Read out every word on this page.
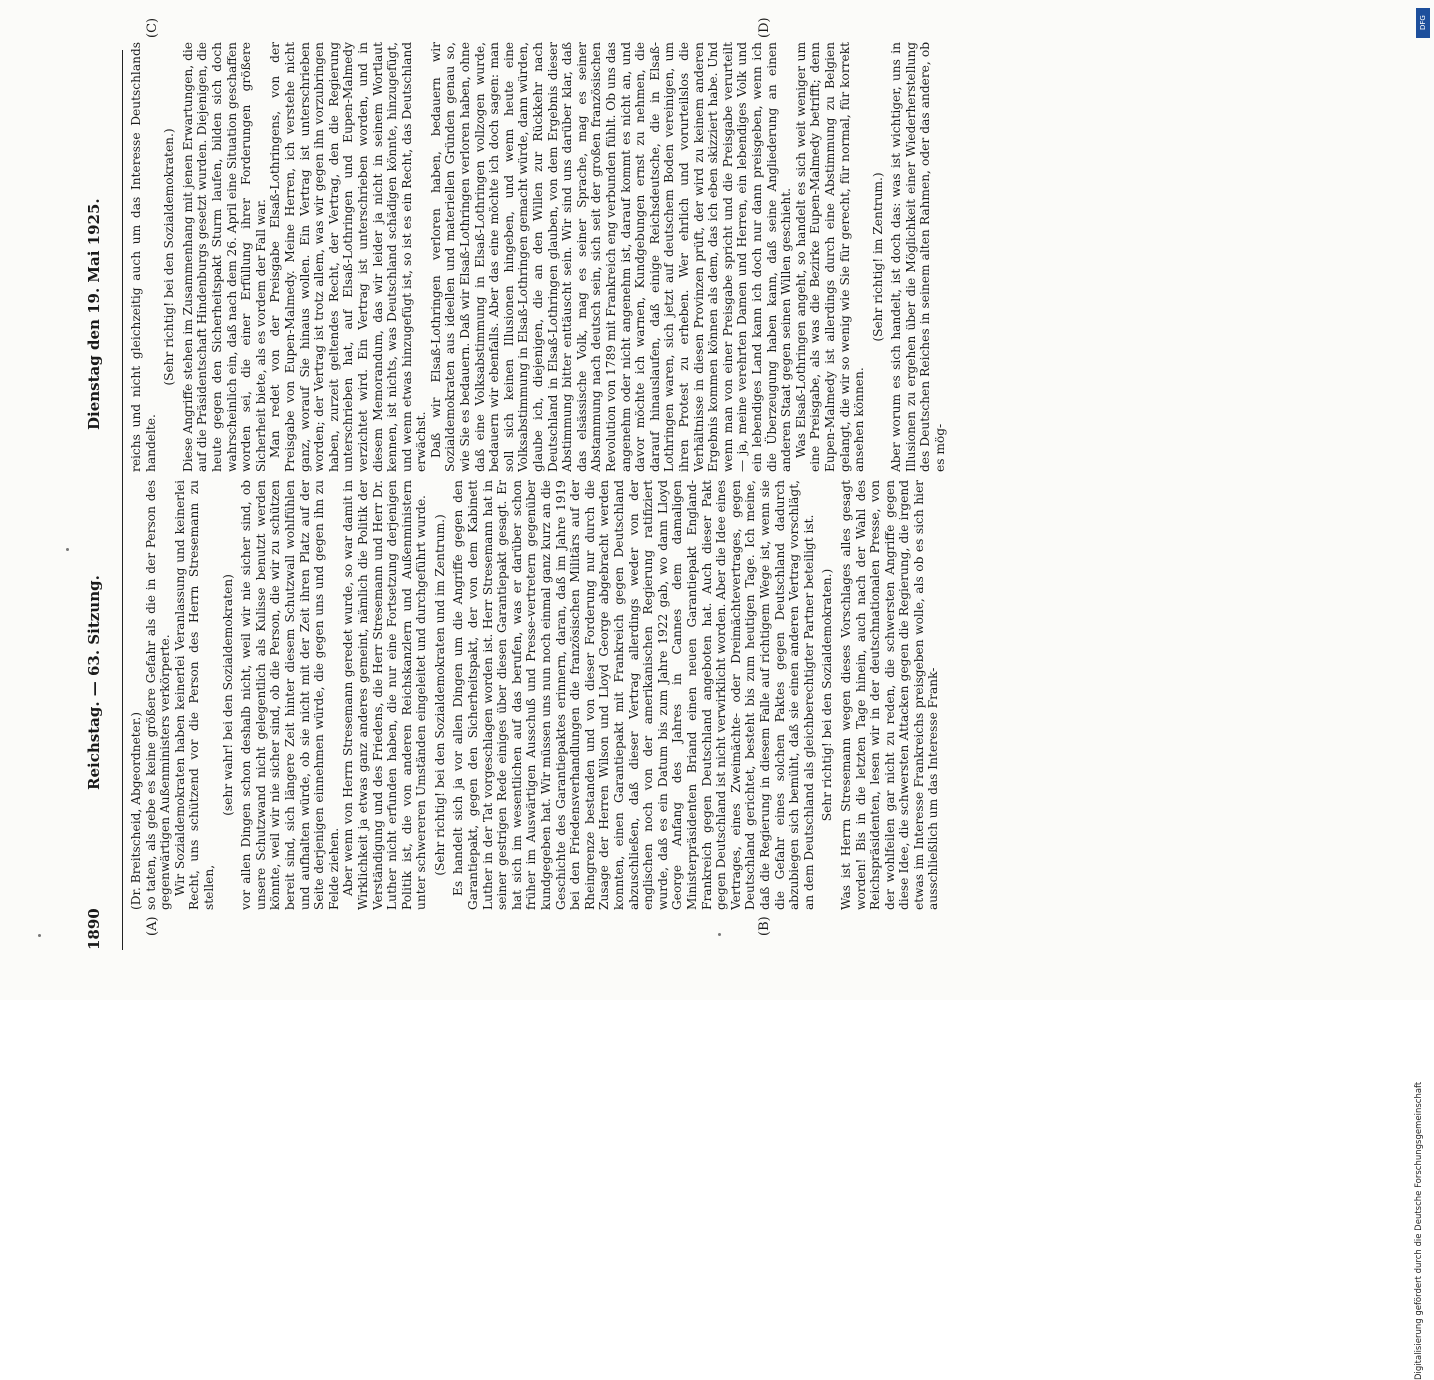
1890
Reichstag. — 63. Sitzung.
Dienstag den 19. Mai 1925.
(A)	(B)
(C)	(D)

(Dr. Breitscheid, Abgeordneter.) so taten, als gebe es keine größere Gefahr als die in der Person des gegenwärtigen Außenministers verkörperte. Wir Sozialdemokraten haben keinerlei Veranlassung und keinerlei Recht, uns schützend vor die Person des Herrn Stresemann zu stellen,

(sehr wahr! bei den Sozialdemokraten) vor allen Dingen schon deshalb nicht, weil wir nie sicher sind, ob unsere Schutzwand nicht gelegentlich als Kulisse benutzt werden könnte, weil wir nie sicher sind, ob die Person, die wir zu schützen bereit sind, sich längere Zeit hinter diesem Schutzwall wohlfühlen und aufhalten würde, ob sie nicht mit der Zeit ihren Platz auf der Seite derjenigen einnehmen würde, die gegen uns und gegen ihn zu Felde ziehen. Aber wenn von Herrn Stresemann geredet wurde, so war damit in Wirklichkeit ja etwas ganz anderes gemeint, nämlich die Politik der Verständigung und des Friedens, die Herr Stresemann und Herr Dr. Luther nicht erfunden haben, die nur eine Fortsetzung derjenigen Politik ist, die von anderen Reichskanzlern und Außenministern unter schwereren Umständen eingeleitet und durchgeführt wurde. (Sehr richtig! bei den Sozialdemokraten und im Zentrum.) Es handelt sich ja vor allen Dingen um die Angriffe gegen den Garantiepakt, gegen den Sicherheitspakt, der von dem Kabinett Luther in der Tat vorgeschlagen worden ist. Herr Stresemann hat in seiner gestrigen Rede einiges über diesen Garantiepakt gesagt. Er hat sich im wesentlichen auf das berufen, was er darüber schon früher im Auswärtigen Ausschuß und Presse-vertretern gegenüber kundgegeben hat. Wir müssen uns nun noch einmal ganz kurz an die Geschichte des Garantiepaktes erinnern, daran, daß im Jahre 1919 bei den Friedensverhandlungen die französischen Militärs auf der Rheingrenze bestanden und von dieser Forderung nur durch die Zusage der Herren Wilson und Lloyd George abgebracht werden konnten, einen Garantiepakt mit Frankreich gegen Deutschland abzuschließen, daß dieser Vertrag allerdings weder von der englischen noch von der amerikanischen Regierung ratifiziert wurde, daß es ein Datum bis zum Jahre 1922 gab, wo dann Lloyd George Anfang des Jahres in Cannes dem damaligen Ministerpräsidenten Briand einen neuen Garantiepakt England-Frankreich gegen Deutschland angeboten hat. Auch dieser Pakt gegen Deutschland ist nicht verwirklicht worden. Aber die Idee eines Vertrages, eines Zweimächte- oder Dreimächtevertrages, gegen Deutschland gerichtet, besteht bis zum heutigen Tage. Ich meine, daß die Regierung in diesem Falle auf richtigem Wege ist, wenn sie die Gefahr eines solchen Paktes gegen Deutschland dadurch abzubiegen sich bemüht, daß sie einen anderen Vertrag vorschlägt, an dem Deutschland als gleichberechtigter Partner beteiligt ist. Sehr richtig! bei den Sozialdemokraten.) Was ist Herrn Stresemann wegen dieses Vorschlages alles gesagt worden! Bis in die letzten Tage hinein, auch nach der Wahl des Reichspräsidenten, lesen wir in der deutschnationalen Presse, von der wohlfeilen gar nicht zu reden, die schwersten Angriffe gegen diese Idee, die schwersten Attacken gegen die Regierung, die irgend etwas im Interesse Frankreichs preisgeben wolle, als ob es sich hier ausschließlich um das Interesse Frank-

reichs und nicht gleichzeitig auch um das Interesse Deutschlands handelte.

(Sehr richtig! bei den Sozialdemokraten.) Diese Angriffe stehen im Zusammenhang mit jenen Erwartungen, die auf die Präsidentschaft Hindenburgs gesetzt wurden. Diejenigen, die heute gegen den Sicherheitspakt Sturm laufen, bilden sich doch wahrscheinlich ein, daß nach dem 26. April eine Situation geschaffen worden sei, die einer Erfüllung ihrer Forderungen größere Sicherheit biete, als es vordem der Fall war. Man redet von der Preisgabe Elsaß-Lothringens, von der Preisgabe von Eupen-Malmedy. Meine Herren, ich verstehe nicht ganz, worauf Sie hinaus wollen. Ein Vertrag ist unterschrieben worden; der Vertrag ist trotz allem, was wir gegen ihn vorzubringen haben, zurzeit geltendes Recht, der Vertrag, den die Regierung unterschrieben hat, auf Elsaß-Lothringen und Eupen-Malmedy verzichtet wird. Ein Vertrag ist unterschrieben worden, und in diesem Memorandum, das wir leider ja nicht in seinem Wortlaut kennen, ist nichts, was Deutschland schädigen könnte, hinzugefügt, und wenn etwas hinzugefügt ist, so ist es ein Recht, das Deutschland erwächst. Daß wir Elsaß-Lothringen verloren haben, bedauern wir Sozialdemokraten aus ideellen und materiellen Gründen genau so, wie Sie es bedauern. Daß wir Elsaß-Lothringen verloren haben, ohne daß eine Volksabstimmung in Elsaß-Lothringen vollzogen wurde, bedauern wir ebenfalls. Aber das eine möchte ich doch sagen: man soll sich keinen Illusionen hingeben, und wenn heute eine Volksabstimmung in Elsaß-Lothringen gemacht würde, dann würden, glaube ich, diejenigen, die an den Willen zur Rückkehr nach Deutschland in Elsaß-Lothringen glauben, von dem Ergebnis dieser Abstimmung bitter enttäuscht sein. Wir sind uns darüber klar, daß das elsässische Volk, mag es seiner Sprache, mag es seiner Abstammung nach deutsch sein, sich seit der großen französischen Revolution von 1789 mit Frankreich eng verbunden fühlt. Ob uns das angenehm oder nicht angenehm ist, darauf kommt es nicht an, und davor möchte ich warnen, Kundgebungen ernst zu nehmen, die darauf hinauslaufen, daß einige Reichsdeutsche, die in Elsaß-Lothringen waren, sich jetzt auf deutschem Boden vereinigen, um ihren Protest zu erheben. Wer ehrlich und vorurteilslos die Verhältnisse in diesen Provinzen prüft, der wird zu keinem anderen Ergebnis kommen können als dem, das ich eben skizziert habe. Und wenn man von einer Preisgabe spricht und die Preisgabe verurteilt — ja, meine verehrten Damen und Herren, ein lebendiges Volk und ein lebendiges Land kann ich doch nur dann preisgeben, wenn ich die Überzeugung haben kann, daß seine Angliederung an einen anderen Staat gegen seinen Willen geschieht. Was Elsaß-Lothringen angeht, so handelt es sich weit weniger um eine Preisgabe, als was die Bezirke Eupen-Malmedy betrifft; denn Eupen-Malmedy ist allerdings durch eine Abstimmung zu Belgien gelangt, die wir so wenig wie Sie für gerecht, für normal, für korrekt ansehen können.

(Sehr richtig! im Zentrum.) Aber worum es sich handelt, ist doch das: was ist wichtiger, uns in Illusionen zu ergehen über die Möglichkeit einer Wiederherstellung des Deutschen Reiches in seinem alten Rahmen, oder das andere, ob es mög-

DFG
Digitalisierung gefördert durch die Deutsche Forschungsgemeinschaft
